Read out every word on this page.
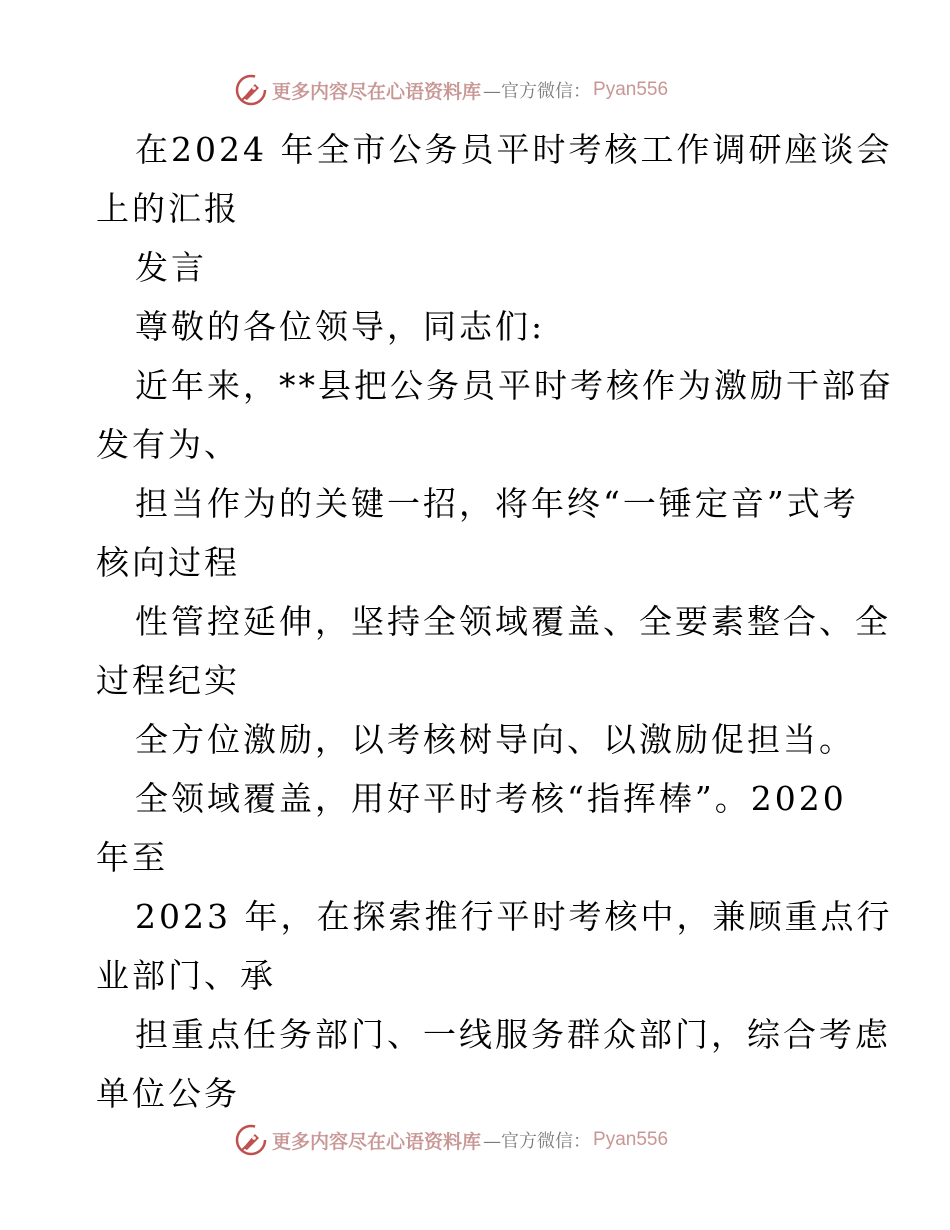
更多内容尽在心语资料库 —官方微信： Pyan556
在2024 年全市公务员平时考核工作调研座谈会
上的汇报
发言
尊敬的各位领导，同志们:
近年来，**县把公务员平时考核作为激励干部奋
发有为、
担当作为的关键一招，将年终“一锤定音”式考
核向过程
性管控延伸，坚持全领域覆盖、全要素整合、全
过程纪实
全方位激励，以考核树导向、以激励促担当。
全领域覆盖，用好平时考核“指挥棒”。2020
年至
2023 年，在探索推行平时考核中，兼顾重点行
业部门、承
担重点任务部门、一线服务群众部门，综合考虑
单位公务
更多内容尽在心语资料库 —官方微信： Pyan556
